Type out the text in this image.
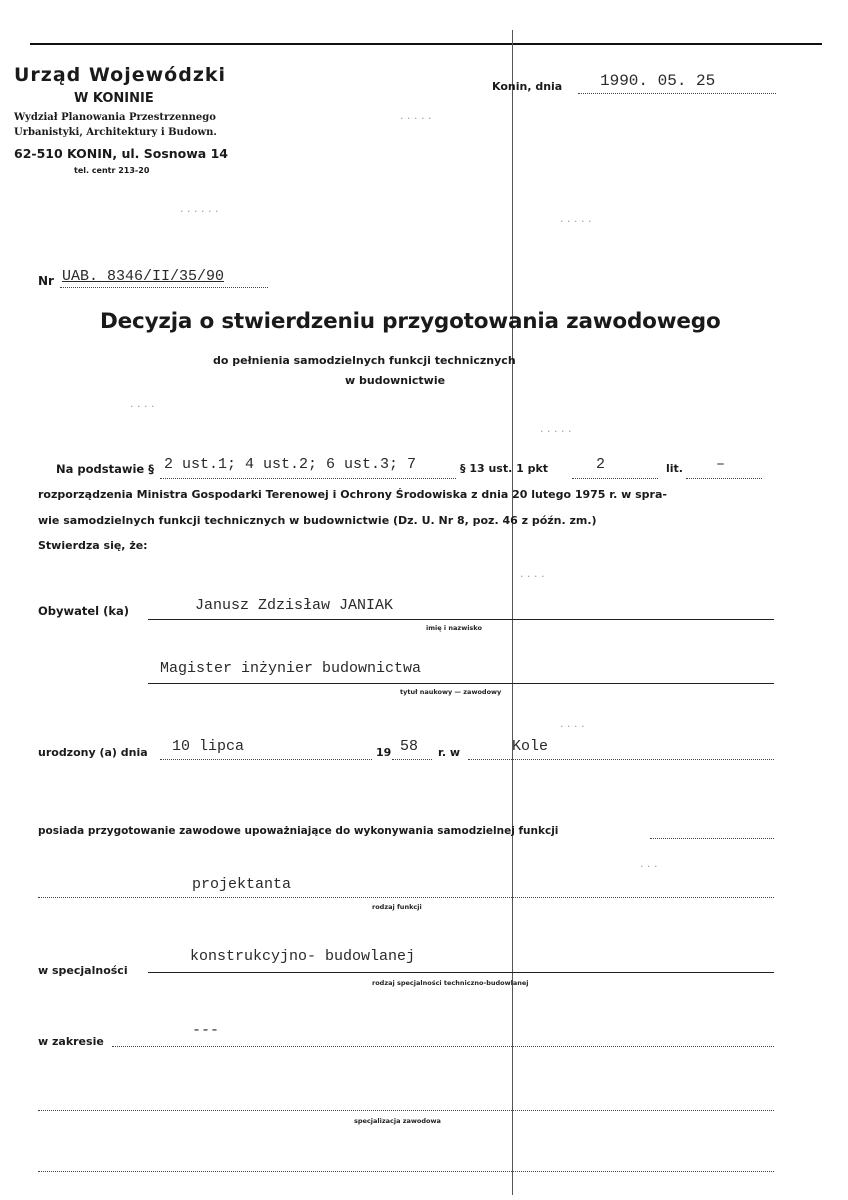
Urząd Wojewódzki
W KONINIE
Wydział Planowania Przestrzennego
Urbanistyki, Architektury i Budown.
62-510 KONIN, ul. Sosnowa 14
tel. centr 213-20
Konin, dnia 1990. 05. 25
Nr UAB. 8346/II/35/90
Decyzja o stwierdzeniu przygotowania zawodowego
do pełnienia samodzielnych funkcji technicznych
w budownictwie
Na podstawie § 2 ust.1; 4 ust.2; 6 ust.3; 7	§ 13 ust. 1 pkt	2	lit. –
rozporządzenia Ministra Gospodarki Terenowej i Ochrony Środowiska z dnia 20 lutego 1975 r. w spra-
wie samodzielnych funkcji technicznych w budownictwie (Dz. U. Nr 8, poz. 46 z późn. zm.)
Stwierdza się, że:
Obywatel (ka)	Janusz Zdzisław JANIAK
imię i nazwisko
Magister inżynier budownictwa
tytuł naukowy — zawodowy
urodzony (a) dnia 10 lipca	19 58 r. w	Kole
posiada przygotowanie zawodowe upoważniające do wykonywania samodzielnej funkcji
projektanta
rodzaj funkcji
w specjalności
konstrukcyjno- budowlanej
rodzaj specjalności techniczno-budowlanej
w zakresie
---
specjalizacja zawodowa
· · · · ·
· · · · · ·
· · · · ·
· · · ·
· · · · ·
· · · ·
· · · ·
· · ·
